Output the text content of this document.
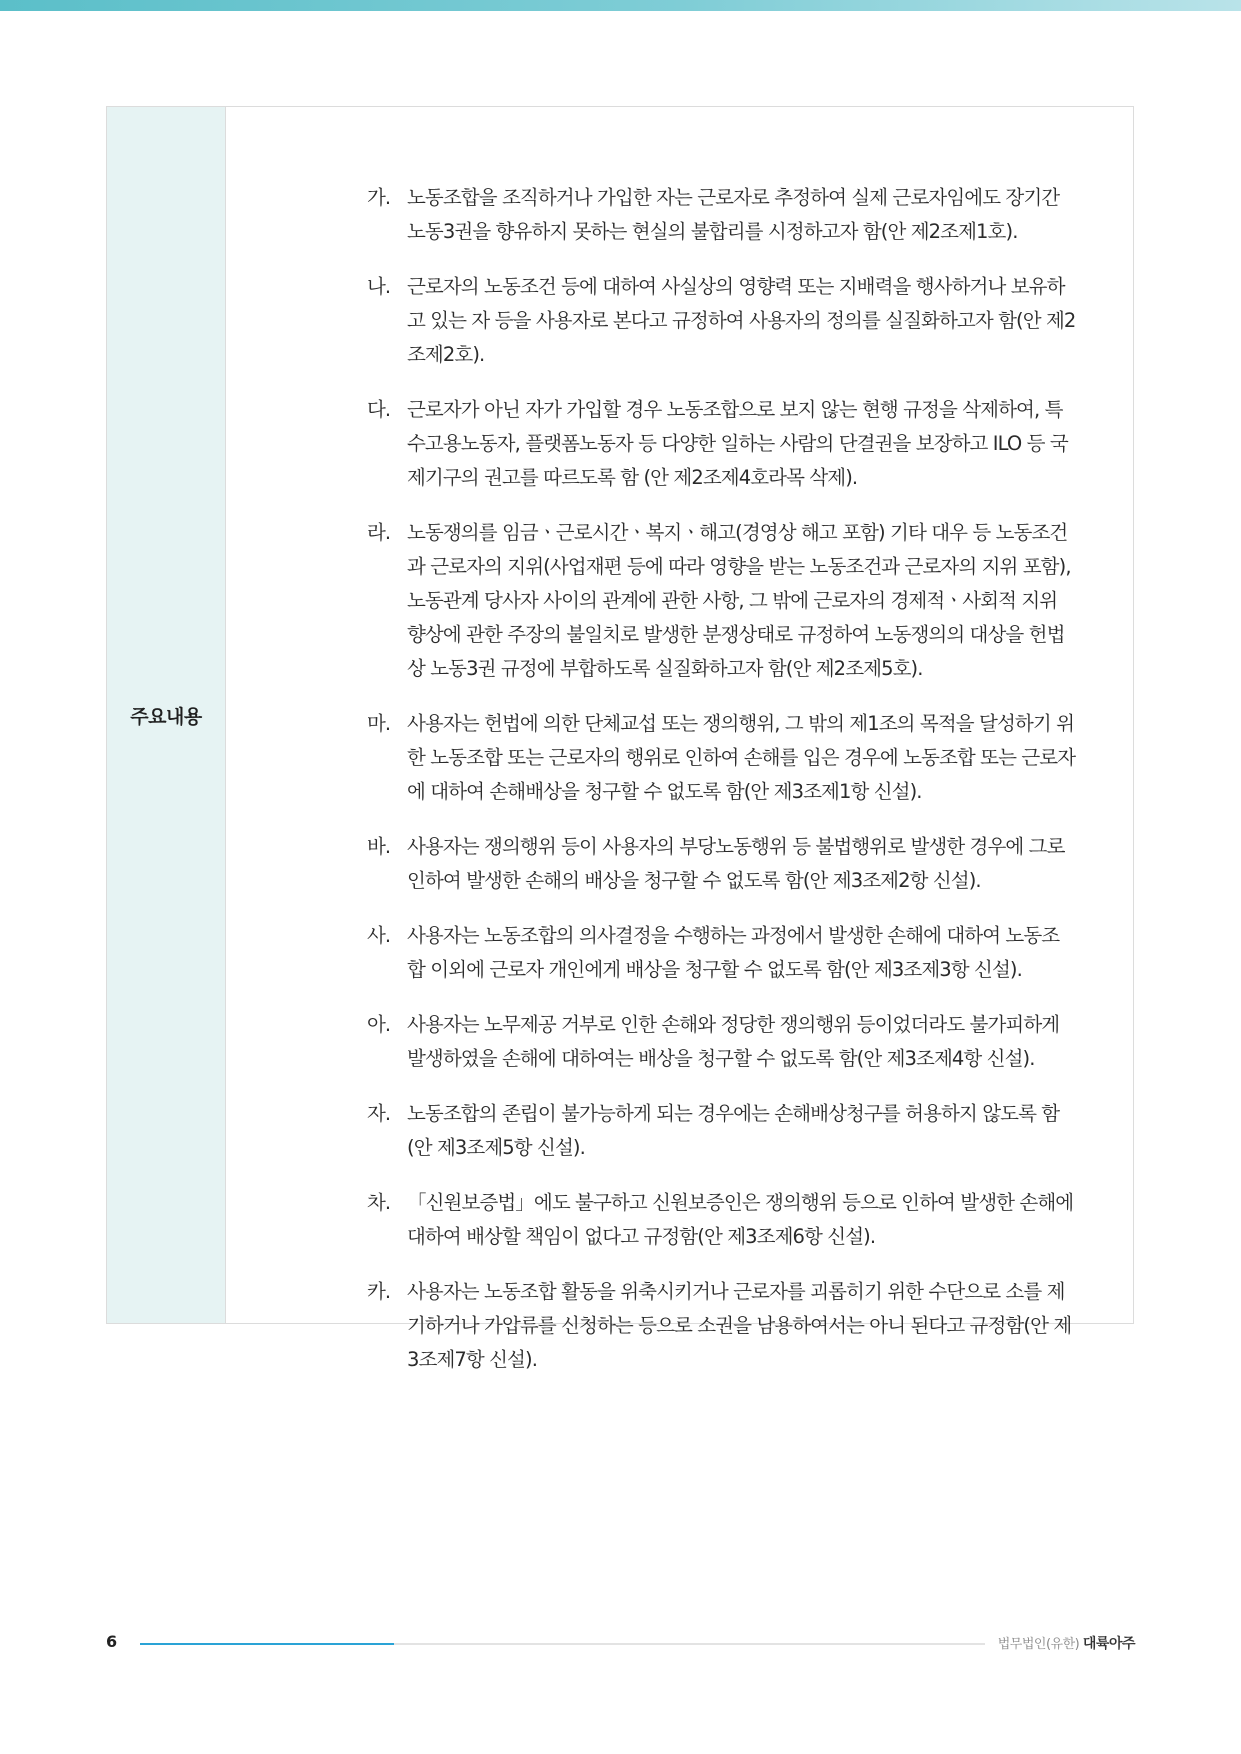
주요내용
가. 노동조합을 조직하거나 가입한 자는 근로자로 추정하여 실제 근로자임에도 장기간 노동3권을 향유하지 못하는 현실의 불합리를 시정하고자 함(안 제2조제1호).
나. 근로자의 노동조건 등에 대하여 사실상의 영향력 또는 지배력을 행사하거나 보유하고 있는 자 등을 사용자로 본다고 규정하여 사용자의 정의를 실질화하고자 함(안 제2조제2호).
다. 근로자가 아닌 자가 가입할 경우 노동조합으로 보지 않는 현행 규정을 삭제하여, 특수고용노동자, 플랫폼노동자 등 다양한 일하는 사람의 단결권을 보장하고 ILO 등 국제기구의 권고를 따르도록 함 (안 제2조제4호라목 삭제).
라. 노동쟁의를 임금ㆍ근로시간ㆍ복지ㆍ해고(경영상 해고 포함) 기타 대우 등 노동조건과 근로자의 지위(사업재편 등에 따라 영향을 받는 노동조건과 근로자의 지위 포함), 노동관계 당사자 사이의 관계에 관한 사항, 그 밖에 근로자의 경제적ㆍ사회적 지위 향상에 관한 주장의 불일치로 발생한 분쟁상태로 규정하여 노동쟁의의 대상을 헌법상 노동3권 규정에 부합하도록 실질화하고자 함(안 제2조제5호).
마. 사용자는 헌법에 의한 단체교섭 또는 쟁의행위, 그 밖의 제1조의 목적을 달성하기 위한 노동조합 또는 근로자의 행위로 인하여 손해를 입은 경우에 노동조합 또는 근로자에 대하여 손해배상을 청구할 수 없도록 함(안 제3조제1항 신설).
바. 사용자는 쟁의행위 등이 사용자의 부당노동행위 등 불법행위로 발생한 경우에 그로 인하여 발생한 손해의 배상을 청구할 수 없도록 함(안 제3조제2항 신설).
사. 사용자는 노동조합의 의사결정을 수행하는 과정에서 발생한 손해에 대하여 노동조합 이외에 근로자 개인에게 배상을 청구할 수 없도록 함(안 제3조제3항 신설).
아. 사용자는 노무제공 거부로 인한 손해와 정당한 쟁의행위 등이었더라도 불가피하게 발생하였을 손해에 대하여는 배상을 청구할 수 없도록 함(안 제3조제4항 신설).
자. 노동조합의 존립이 불가능하게 되는 경우에는 손해배상청구를 허용하지 않도록 함(안 제3조제5항 신설).
차. 「신원보증법」에도 불구하고 신원보증인은 쟁의행위 등으로 인하여 발생한 손해에 대하여 배상할 책임이 없다고 규정함(안 제3조제6항 신설).
카. 사용자는 노동조합 활동을 위축시키거나 근로자를 괴롭히기 위한 수단으로 소를 제기하거나 가압류를 신청하는 등으로 소권을 남용하여서는 아니 된다고 규정함(안 제3조제7항 신설).
6	법무법인(유한) 대륙아주
